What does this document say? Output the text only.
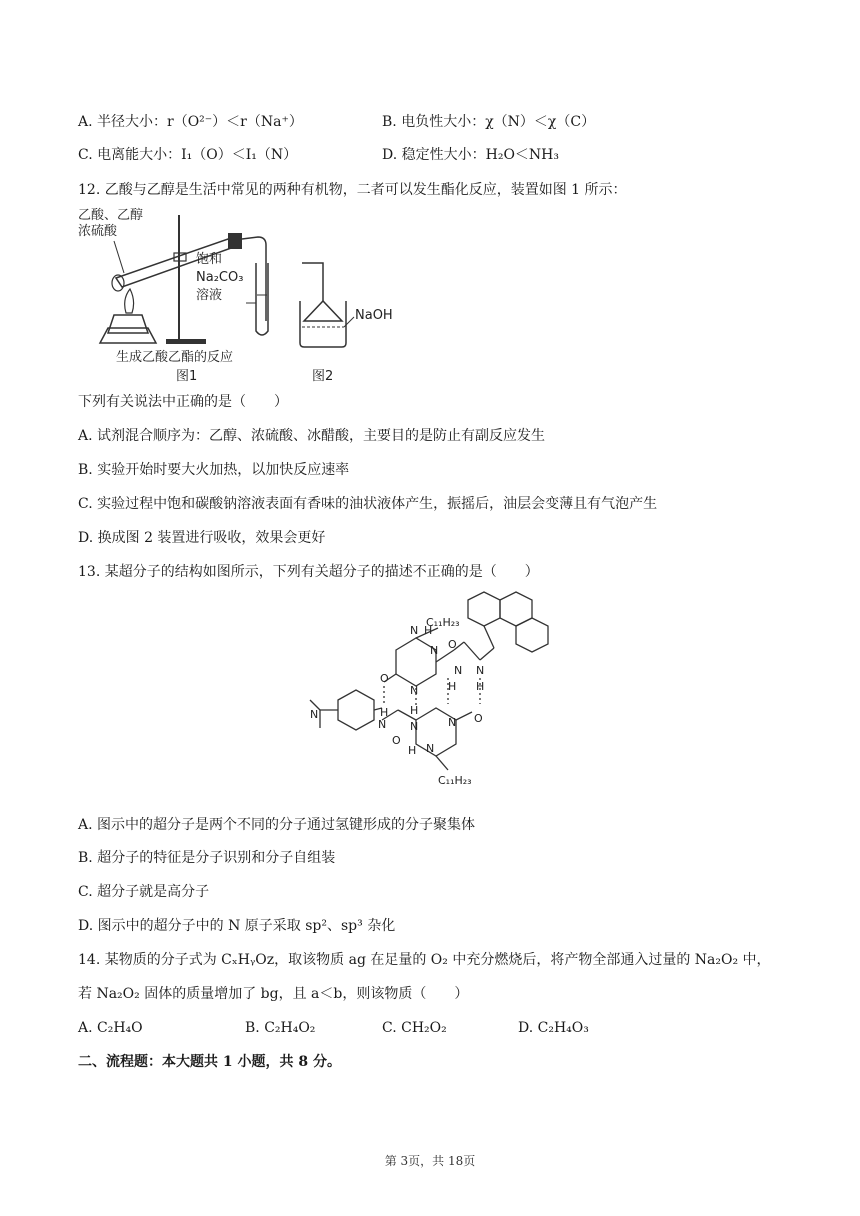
A. 半径大小：r（O²⁻）＜r（Na⁺）	B. 电负性大小：χ（N）＜χ（C）
C. 电离能大小：I₁（O）＜I₁（N）	D. 稳定性大小：H₂O＜NH₃
12. 乙酸与乙醇是生活中常见的两种有机物，二者可以发生酯化反应，装置如图 1 所示：
乙酸、乙醇
浓硫酸
饱和
Na₂CO₃
溶液
生成乙酸乙酯的反应
图1
NaOH
图2
下列有关说法中正确的是（　　）
A. 试剂混合顺序为：乙醇、浓硫酸、冰醋酸，主要目的是防止有副反应发生
B. 实验开始时要大火加热，以加快反应速率
C. 实验过程中饱和碳酸钠溶液表面有香味的油状液体产生，振摇后，油层会变薄且有气泡产生
D. 换成图 2 装置进行吸收，效果会更好
13. 某超分子的结构如图所示，下列有关超分子的描述不正确的是（　　）
N H
N
N
O
N N
H H
O
H H
N N	N O
O
H N
N
C₁₁H₂₃
C₁₁H₂₃
A. 图示中的超分子是两个不同的分子通过氢键形成的分子聚集体
B. 超分子的特征是分子识别和分子自组装
C. 超分子就是高分子
D. 图示中的超分子中的 N 原子采取 sp²、sp³ 杂化
14. 某物质的分子式为 CₓHᵧOz，取该物质 ag 在足量的 O₂ 中充分燃烧后，将产物全部通入过量的 Na₂O₂ 中，
若 Na₂O₂ 固体的质量增加了 bg，且 a＜b，则该物质（　　）
A. C₂H₄O	B. C₂H₄O₂	C. CH₂O₂	D. C₂H₄O₃
二、流程题：本大题共 1 小题，共 8 分。
第 3页，共 18页
